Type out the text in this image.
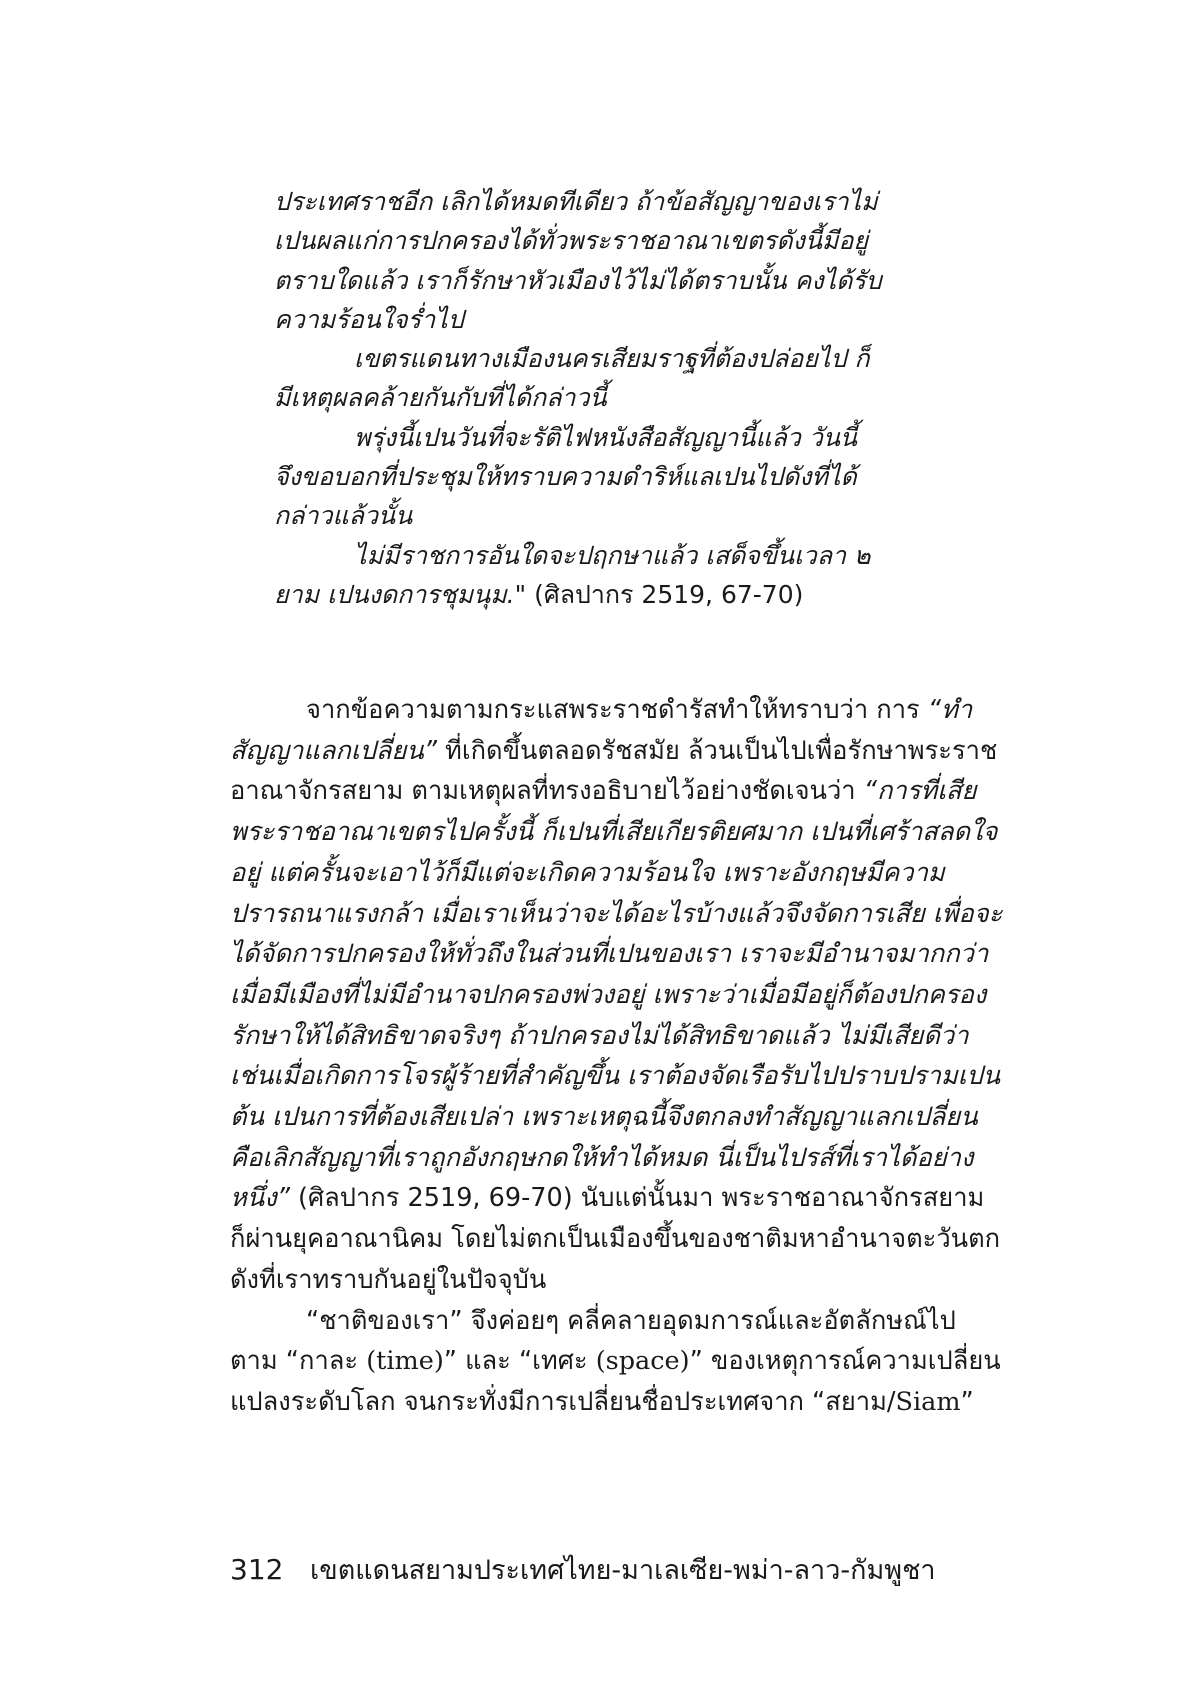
ประเทศราชอีก เลิกได้หมดทีเดียว ถ้าข้อสัญญาของเราไม่

เปนผลแก่การปกครองได้ทั่วพระราชอาณาเขตรดังนี้มีอยู่

ตราบใดแล้ว เราก็รักษาหัวเมืองไว้ไม่ได้ตราบนั้น คงได้รับ

ความร้อนใจร่ำไป

เขตรแดนทางเมืองนครเสียมราฐที่ต้องปล่อยไป ก็

มีเหตุผลคล้ายกันกับที่ได้กล่าวนี้

พรุ่งนี้เปนวันที่จะรัติไฟหนังสือสัญญานี้แล้ว วันนี้

จึงขอบอกที่ประชุมให้ทราบความดำริห์แลเปนไปดังที่ได้

กล่าวแล้วนั้น

ไม่มีราชการอันใดจะปฤกษาแล้ว เสด็จขึ้นเวลา ๒

ยาม เปนงดการชุมนุม." (ศิลปากร 2519, 67-70)

จากข้อความตามกระแสพระราชดำรัสทำให้ทราบว่า การ “ทำ

สัญญาแลกเปลี่ยน” ที่เกิดขึ้นตลอดรัชสมัย ล้วนเป็นไปเพื่อรักษาพระราช

อาณาจักรสยาม ตามเหตุผลที่ทรงอธิบายไว้อย่างชัดเจนว่า “การที่เสีย

พระราชอาณาเขตรไปครั้งนี้ ก็เปนที่เสียเกียรติยศมาก เปนที่เศร้าสลดใจ

อยู่ แต่ครั้นจะเอาไว้ก็มีแต่จะเกิดความร้อนใจ เพราะอังกฤษมีความ

ปรารถนาแรงกล้า เมื่อเราเห็นว่าจะได้อะไรบ้างแล้วจึงจัดการเสีย เพื่อจะ

ได้จัดการปกครองให้ทั่วถึงในส่วนที่เปนของเรา เราจะมีอำนาจมากกว่า

เมื่อมีเมืองที่ไม่มีอำนาจปกครองพ่วงอยู่ เพราะว่าเมื่อมีอยู่ก็ต้องปกครอง

รักษาให้ได้สิทธิขาดจริงๆ ถ้าปกครองไม่ได้สิทธิขาดแล้ว ไม่มีเสียดีว่า

เช่นเมื่อเกิดการโจรผู้ร้ายที่สำคัญขึ้น เราต้องจัดเรือรับไปปราบปรามเปน

ต้น เปนการที่ต้องเสียเปล่า เพราะเหตุฉนี้จึงตกลงทำสัญญาแลกเปลี่ยน

คือเลิกสัญญาที่เราถูกอังกฤษกดให้ทำได้หมด นี่เป็นไปรส์ที่เราได้อย่าง

หนึ่ง” (ศิลปากร 2519, 69-70) นับแต่นั้นมา พระราชอาณาจักรสยาม

ก็ผ่านยุคอาณานิคม โดยไม่ตกเป็นเมืองขึ้นของชาติมหาอำนาจตะวันตก

ดังที่เราทราบกันอยู่ในปัจจุบัน

“ชาติของเรา” จึงค่อยๆ คลี่คลายอุดมการณ์และอัตลักษณ์ไป

ตาม “กาละ (time)” และ “เทศะ (space)” ของเหตุการณ์ความเปลี่ยน

แปลงระดับโลก จนกระทั่งมีการเปลี่ยนชื่อประเทศจาก “สยาม/Siam”

312 เขตแดนสยามประเทศไทย-มาเลเซีย-พม่า-ลาว-กัมพูชา
